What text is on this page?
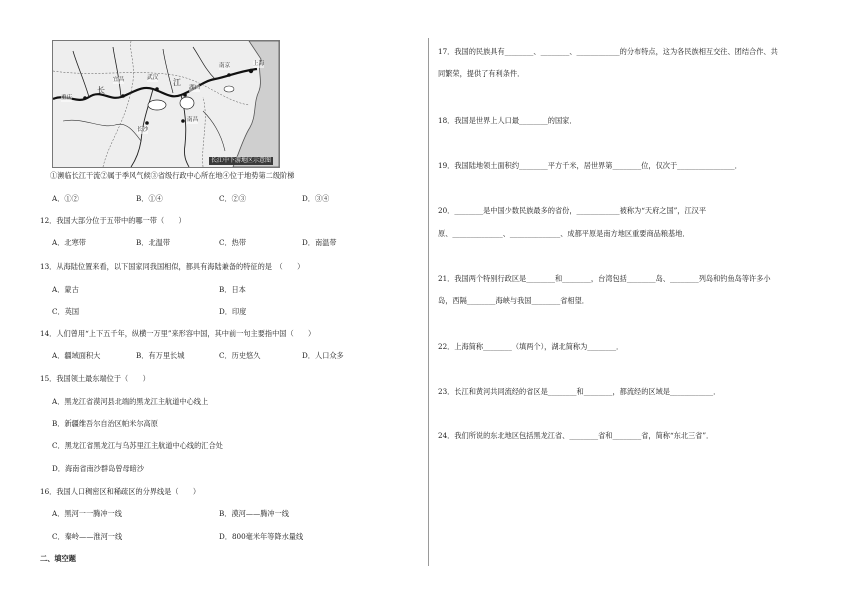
重庆
宜昌	武汉
湖口
南昌
长沙
南京	上海
长
江
长江中下游地区示意图
①濒临长江干流②属于季风气候③省级行政中心所在地④位于地势第二级阶梯
A．①②	B．①④	C．②③	D．③④
12．我国大部分位于五带中的哪一带（　　）
A．北寒带	B．北温带	C．热带	D．南温带
13．从海陆位置来看，以下国家同我国相似，都具有海陆兼备的特征的是　（　　）
A．蒙古	B．日本
C．英国	D．印度
14．人们曾用“上下五千年，纵横一万里”来形容中国，其中前一句主要指中国（　　）
A．疆域面积大	B．有万里长城	C．历史悠久	D．人口众多
15．我国领土最东端位于（　　）
A．黑龙江省漠河县北端的黑龙江主航道中心线上
B．新疆维吾尔自治区帕米尔高原
C．黑龙江省黑龙江与乌苏里江主航道中心线的汇合处
D．海南省南沙群岛曾母暗沙
16．我国人口稠密区和稀疏区的分界线是（　　）
A．黑河一一腾冲一线	B．漠河——腾冲一线
C．秦岭——淮河一线	D．800毫米年等降水量线
二、填空题
17．我国的民族具有________、________、____________的分布特点，这为各民族相互交往、团结合作、共
同繁荣，提供了有利条件．
18．我国是世界上人口最________的国家．
19．我国陆地领土面积约________平方千米，居世界第________位，仅次于________________．
20．________是中国少数民族最多的省份，____________被称为“天府之国”，江汉平
原、______________、______________、成都平原是南方地区重要商品粮基地．
21．我国两个特别行政区是________和________，台湾包括________岛、________列岛和钓鱼岛等许多小
岛，西隔________海峡与我国________省相望．
22．上海简称________（填两个），湖北简称为________．
23．长江和黄河共同流经的省区是________和________，都流经的区域是____________．
24．我们所说的东北地区包括黑龙江省、________省和________省，简称“东北三省”．
